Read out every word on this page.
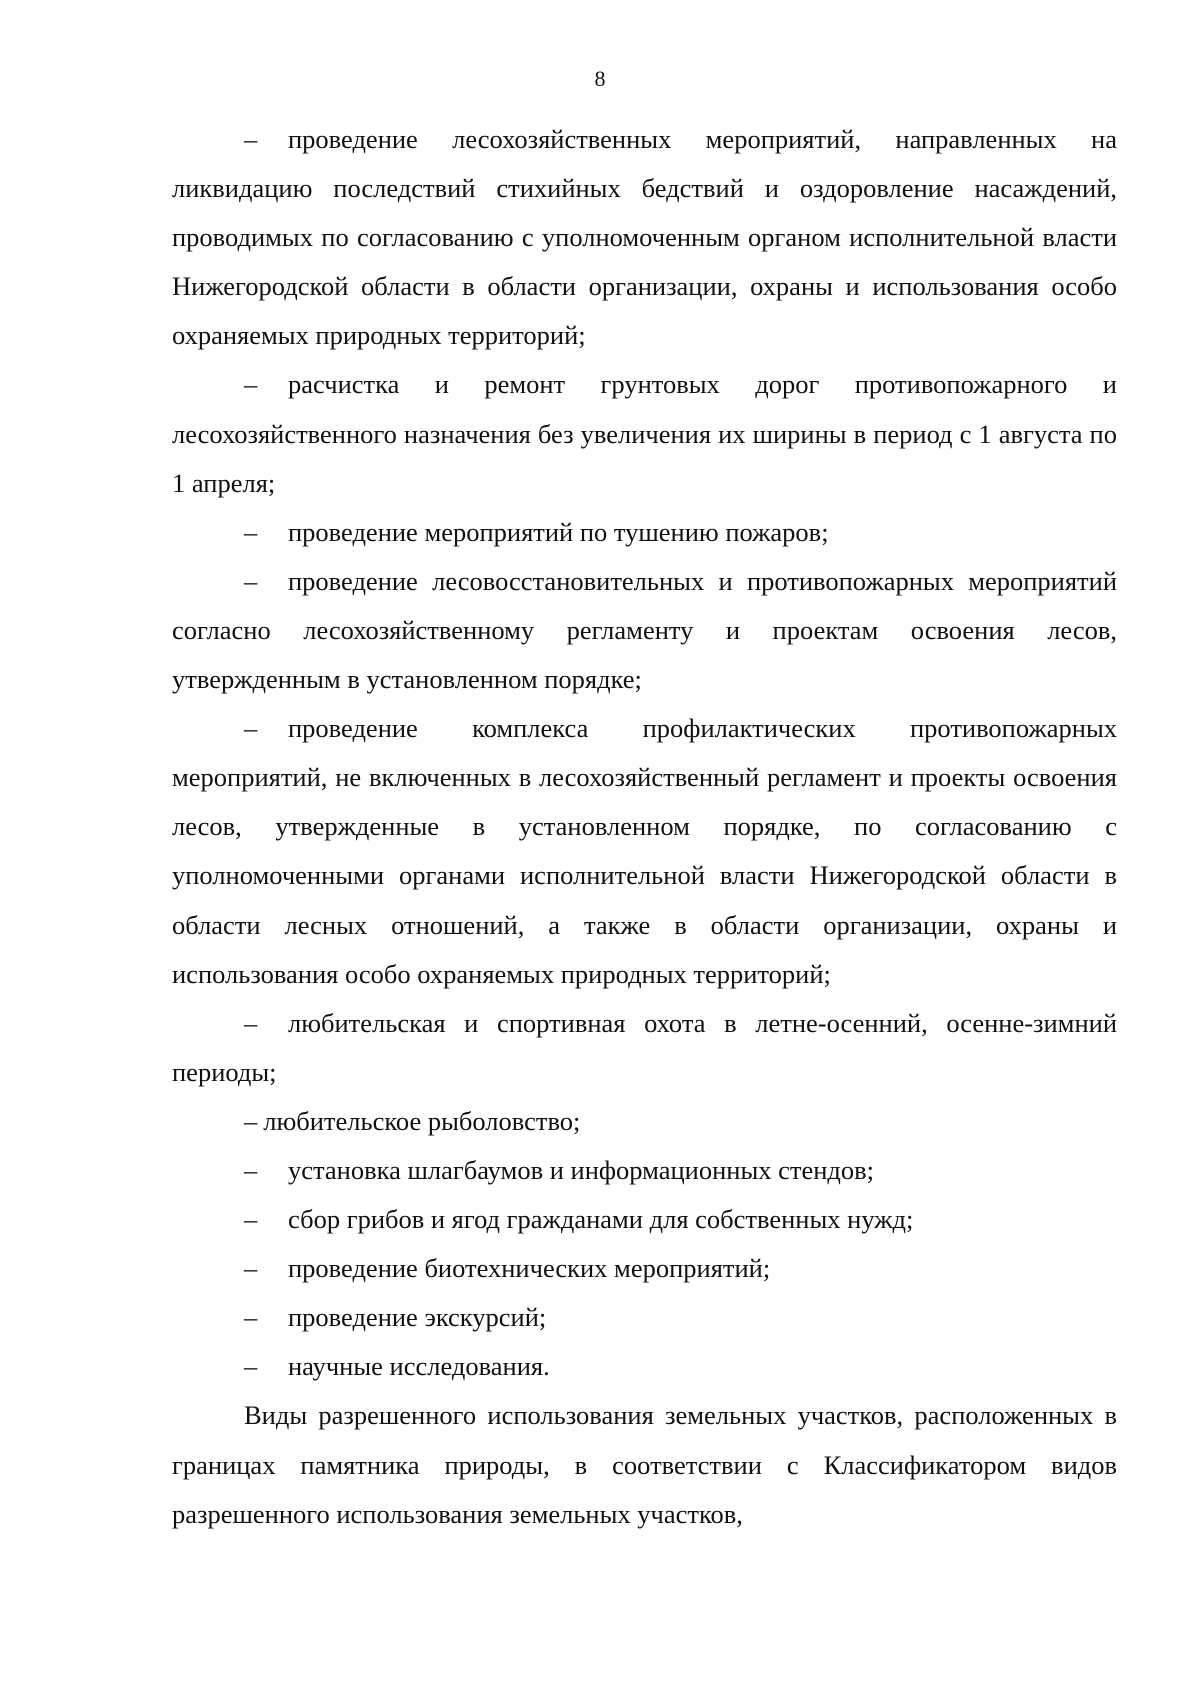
8

– проведение лесохозяйственных мероприятий, направленных на ликвидацию последствий стихийных бедствий и оздоровление насаждений, проводимых по согласованию с уполномоченным органом исполнительной власти Нижегородской области в области организации, охраны и использования особо охраняемых природных территорий;

– расчистка и ремонт грунтовых дорог противопожарного и лесохозяйственного назначения без увеличения их ширины в период с 1 августа по 1 апреля;

– проведение мероприятий по тушению пожаров;

– проведение лесовосстановительных и противопожарных мероприятий согласно лесохозяйственному регламенту и проектам освоения лесов, утвержденным в установленном порядке;

– проведение комплекса профилактических противопожарных мероприятий, не включенных в лесохозяйственный регламент и проекты освоения лесов, утвержденные в установленном порядке, по согласованию с уполномоченными органами исполнительной власти Нижегородской области в области лесных отношений, а также в области организации, охраны и использования особо охраняемых природных территорий;

– любительская и спортивная охота в летне-осенний, осенне-зимний периоды;

– любительское рыболовство;

– установка шлагбаумов и информационных стендов;

– сбор грибов и ягод гражданами для собственных нужд;

– проведение биотехнических мероприятий;

– проведение экскурсий;

– научные исследования.

Виды разрешенного использования земельных участков, расположенных в границах памятника природы, в соответствии с Классификатором видов разрешенного использования земельных участков,
